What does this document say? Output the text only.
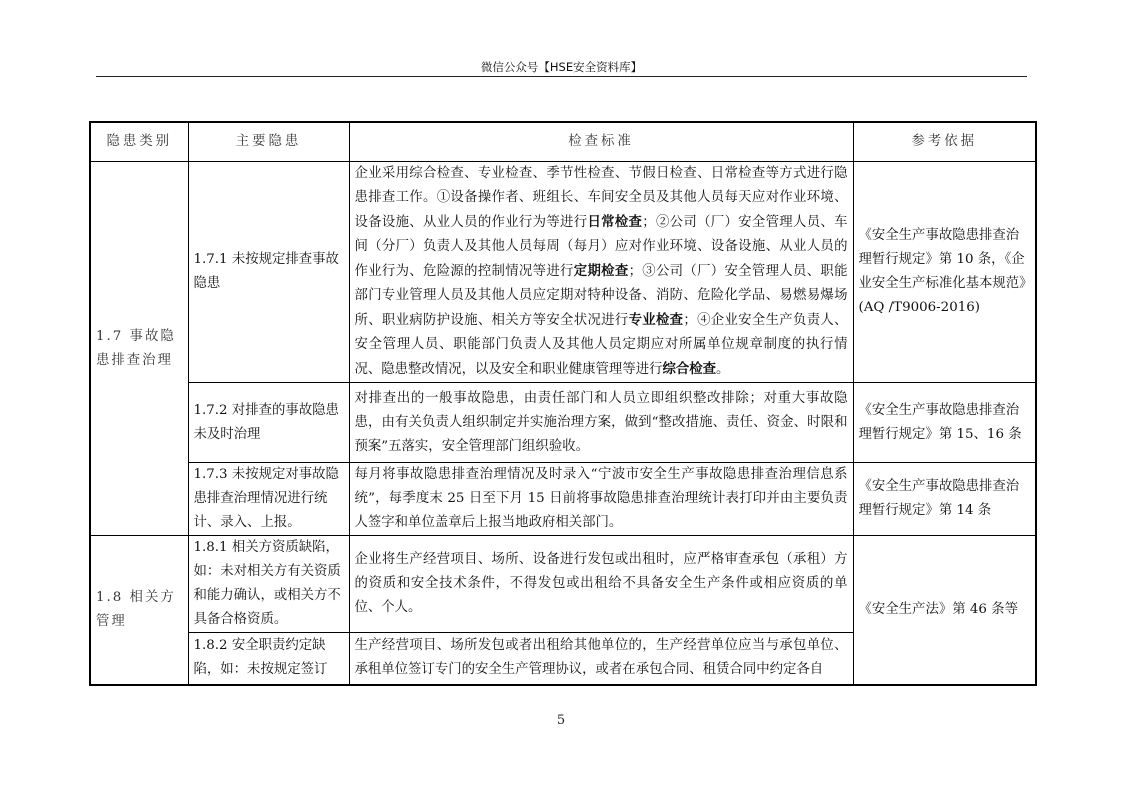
微信公众号【HSE安全资料库】
隐患类别	主要隐患	检查标准	参考依据
1.7 事故隐患排查治理	1.7.1 未按规定排查事故隐患	企业采用综合检查、专业检查、季节性检查、节假日检查、日常检查等方式进行隐患排查工作。①设备操作者、班组长、车间安全员及其他人员每天应对作业环境、设备设施、从业人员的作业行为等进行日常检查；②公司（厂）安全管理人员、车间（分厂）负责人及其他人员每周（每月）应对作业环境、设备设施、从业人员的作业行为、危险源的控制情况等进行定期检查；③公司（厂）安全管理人员、职能部门专业管理人员及其他人员应定期对特种设备、消防、危险化学品、易燃易爆场所、职业病防护设施、相关方等安全状况进行专业检查；④企业安全生产负责人、安全管理人员、职能部门负责人及其他人员定期应对所属单位规章制度的执行情况、隐患整改情况，以及安全和职业健康管理等进行综合检查。	《安全生产事故隐患排查治理暂行规定》第 10 条，《企业安全生产标准化基本规范》(AQ /T9006-2016)
	1.7.2 对排查的事故隐患未及时治理	对排查出的一般事故隐患，由责任部门和人员立即组织整改排除；对重大事故隐患，由有关负责人组织制定并实施治理方案，做到“整改措施、责任、资金、时限和预案”五落实，安全管理部门组织验收。	《安全生产事故隐患排查治理暂行规定》第 15、16 条
	1.7.3 未按规定对事故隐患排查治理情况进行统计、录入、上报。	每月将事故隐患排查治理情况及时录入“宁波市安全生产事故隐患排查治理信息系统”，每季度末 25 日至下月 15 日前将事故隐患排查治理统计表打印并由主要负责人签字和单位盖章后上报当地政府相关部门。	《安全生产事故隐患排查治理暂行规定》第 14 条
1.8 相关方管理	1.8.1 相关方资质缺陷，如：未对相关方有关资质和能力确认，或相关方不具备合格资质。	企业将生产经营项目、场所、设备进行发包或出租时，应严格审查承包（承租）方的资质和安全技术条件，不得发包或出租给不具备安全生产条件或相应资质的单位、个人。	《安全生产法》第 46 条等
	1.8.2 安全职责约定缺陷，如：未按规定签订	生产经营项目、场所发包或者出租给其他单位的，生产经营单位应当与承包单位、承租单位签订专门的安全生产管理协议，或者在承包合同、租赁合同中约定各自	
5
